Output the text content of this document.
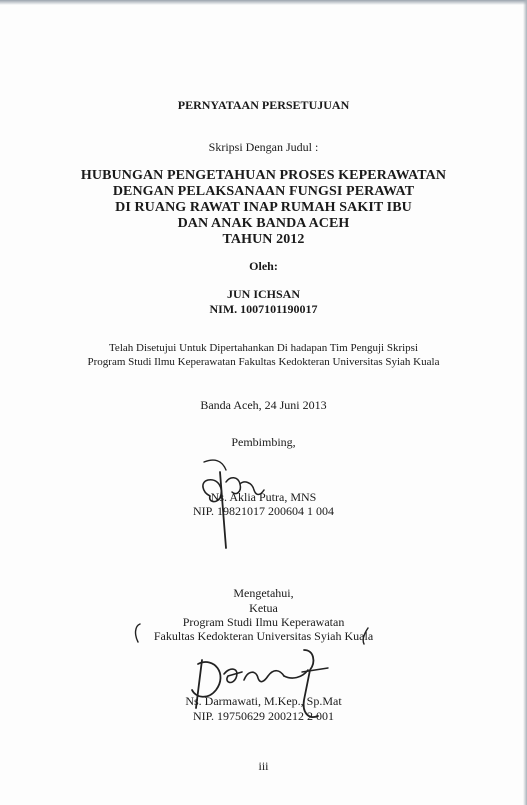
PERNYATAAN PERSETUJUAN
Skripsi Dengan Judul :
HUBUNGAN PENGETAHUAN PROSES KEPERAWATAN
DENGAN PELAKSANAAN FUNGSI PERAWAT
DI RUANG RAWAT INAP RUMAH SAKIT IBU
DAN ANAK BANDA ACEH
TAHUN 2012
Oleh:
JUN ICHSAN
NIM. 1007101190017
Telah Disetujui Untuk Dipertahankan Di hadapan Tim Penguji Skripsi
Program Studi Ilmu Keperawatan Fakultas Kedokteran Universitas Syiah Kuala
Banda Aceh, 24 Juni 2013
Pembimbing,
Ns. Aklia Putra, MNS
NIP. 19821017 200604 1 004
Mengetahui,
Ketua
Program Studi Ilmu Keperawatan
Fakultas Kedokteran Universitas Syiah Kuala
Ns. Darmawati, M.Kep., Sp.Mat
NIP. 19750629 200212 2 001
iii
